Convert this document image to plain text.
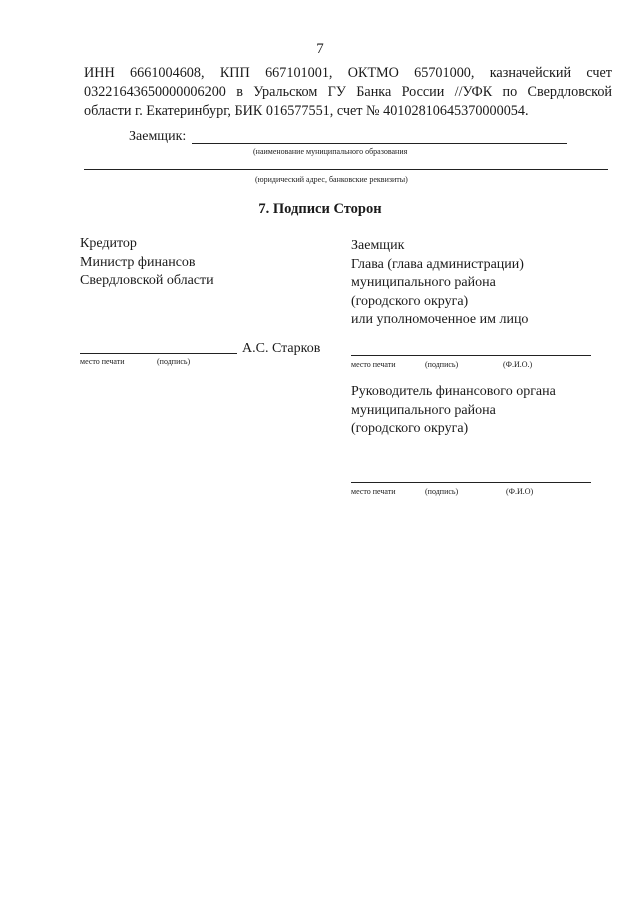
7
ИНН 6661004608, КПП 667101001, ОКТМО 65701000, казначейский счет
03221643650000006200 в Уральском ГУ Банка России //УФК по Свердловской
области г. Екатеринбург, БИК 016577551, счет № 40102810645370000054.
Заемщик:
(наименование муниципального образования
(юридический адрес, банковские реквизиты)
7. Подписи Сторон
Кредитор
Министр финансов
Свердловской области
А.С. Старков
место печати	(подпись)
Заемщик
Глава (глава администрации)
муниципального района
(городского округа)
или уполномоченное им лицо
место печати	(подпись)	(Ф.И.О.)
Руководитель финансового органа
муниципального района
(городского округа)
место печати	(подпись)	(Ф.И.О)
